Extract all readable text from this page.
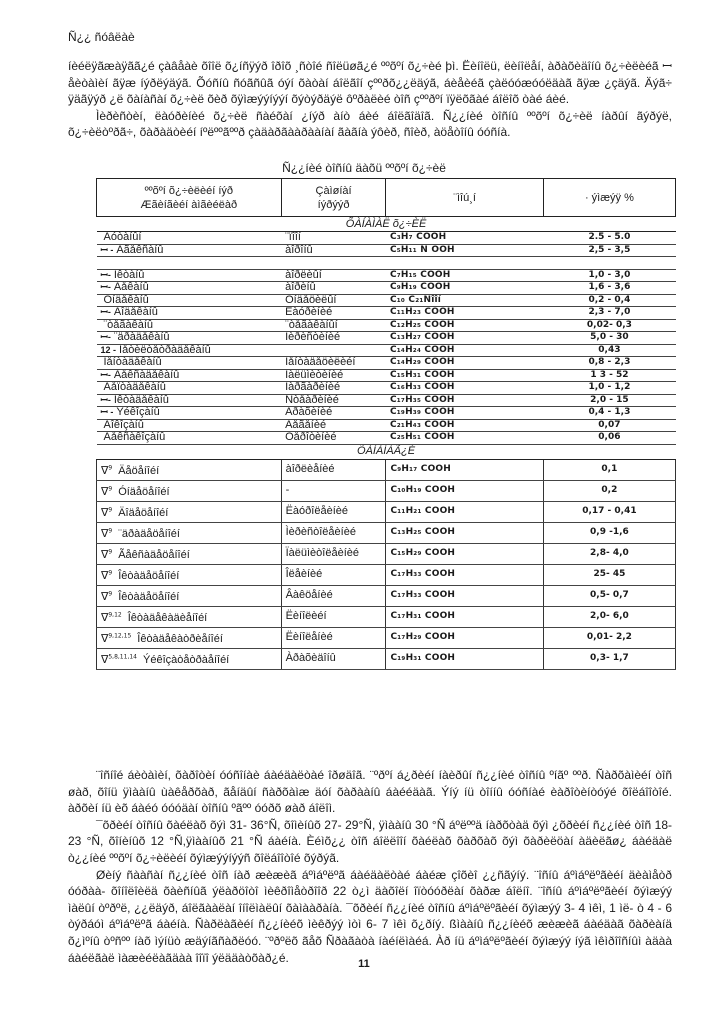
Ñ¿¿ ñóâëàè

íèéëÿãæàÿãã¿é çàâåàè õîîë õ¿íñÿýð îðîõ ¸ñòîé ñîëüøã¿é ººõºí õ¿÷èé þì. Ëèíîëü, ëèíîëåí, àðàõèäîíû õ¿÷èëèéã ꟷ åèòàìèí ãÿæ íýðëýäýã. Õóñíû ñóãñûã óýí õàòàí áîëãîí çººðõ¿¿ëäýã, áèåèéã çàëóóæóóëäàã ãÿæ ¿çäýã. Äýã÷ ÿäãÿýð ¿ë õàíàñàí õ¿÷èë õèð õÿìæýýíýýí õýòýðäýë ôºðàëèé òîñ çººðºí ïÿëõãàé áîëîõ òàé áèé.
Ìèðèñòèí, ëàóðèíèé õ¿÷èë ñàéõàí ¿íýð àíò áèé áîëãîäîã. Ñ¿¿íèé òîñíû ººõºí õ¿÷èë íàðûí ãýðýë, õ¿÷èëòºðã÷, õàðàäòèéí íºëººãººð çàäàðãààðààíàí ãàãíà ýôèð, ñîèð, àöåòîíû óóñíà.

Ñ¿¿íèé òîñíû äàõü ººõºí õ¿÷èë
ººõºí õ¿÷èëèéí íýð
Æãèíãèéí àìãèéëàð	Çàìøíàí
íýðýýð	¨ìîú¸í	· ýìæýÿ %
ÕÀÍÀÌÀË õ¿÷ÈË			
Áóòàíûí	¨ïîîí	C₃H₇ COOH	2.5 - 5.0
ꟷ - Äãåêñàíû	àîðîíû	C₅H₁₁ Ñ OOH	2,5 - 3,5

ꟷ- Îêòàíû	àîðëèûí	C₇H₁₅ COOH	1,0 - 3,0
ꟷ- Äåêàíû	àîðèíû	C₉H₁₉ COOH	1,6 - 3,6
Óíäåêàíû	Óíäåöèëûí	C₁₀ C₂₁Ñîîí	0,2 - 0,4
ꟷ- Äîäåêàíû	Ëàóðèíèé	C₁₁H₂₃ COOH	2,3 - 7,0
¨òåãàêàíû	¨òåãàêàíûí	C₁₂H₂₅ COOH	0,02- 0,3
ꟷ- ¨äðàäåêàíû	Ìèðèñòèíèé	C₁₃H₂₇ COOH	5,0 - 30
12 - Ìåòèëòåòðàäåêàíû		C₁₄H₂₄ COOH	0,43
Ïåíòàäåêàíû	Ïåíòàäåöèëèéí	C₁₄H₂₉ COOH	0,8 - 2,3
ꟷ- Ãåêñàäåêàíû	Ïàëüìèòèíèé	C₁₅H₃₁ COOH	1 3 - 52
Ãåïòàäåêàíû	Ìàðãàðèíèé	C₁₆H₃₃ COOH	1,0 - 1,2
ꟷ- Îêòàäåêàíû	Ñòåàðèíèé	C₁₇H₃₅ COOH	2,0 - 15
ꟷ - Ýéêîçàíû	Àðàõèíèé	C₁₉H₃₉ COOH	0,4 - 1,3
Äîêîçàíû	Áåãåíèé	C₂₁H₄₃ COOH	0,07
Ãåêñàêîçàíû	Öåðîòèíèé	C₂₅H₅₁ COOH	0,06
ÕÀÍÀÌÀÃ¿É			
∇$^9$ Äåöåíîéí	àîðëèåíèé	C₉H₁₇ COOH	0,1
∇$^9$ Óíäåöåíîéí	-	C₁₀H₁₉ COOH	0,2
∇$^9$ Äîäåöåíîéí	Ëàóðîëåèíèé	C₁₁H₂₁ COOH	0,17 - 0,41
∇$^9$ ¨äðàäåöåíîéí	Ìèðèñòîëåèíèé	C₁₃H₂₅ COOH	0,9 -1,6
∇$^9$ Ãåêñàäåöåíîéí	Ïàëüìèòîëåèíèé	C₁₅H₂₉ COOH	2,8- 4,0
∇$^9$ Îêòàäåöåíîéí	Îëåèíèé	C₁₇H₃₃ COOH	25- 45
∇$^9$ Îêòàäåöåíîéí	Âàêöåíèé	C₁₇H₃₃ COOH	0,5- 0,7
∇$^{9,12}$ Îêòàäåêàäèåíîéí	Ëèíîëèéí	C₁₇H₃₁ COOH	2,0- 6,0
∇$^{9,12,15}$ Îêòàäåêàòðèåíîéí	Ëèíîëåíèé	C₁₇H₂₉ COOH	0,01- 2,2
∇$^{5,8,11,14}$ Ýéêîçàòåòðàåíîéí	Àðàõèäîíû	C₁₉H₃₁ COOH	0,3- 1,7

¨îñíîé áèòàìèí, õàðîòèí óóñîíàè áàéäàëòàé îðøäîã. ¨ºðºí á¿ðèéí íàèðûí ñ¿¿íèé òîñíû ºíãº ººð. Ñàðõàìèéí òîñ øàð, õîíü ÿìààíû ùàêåðõàð, ãåíäûí ñàðõàìæ äóí õàðààíû áàééäàã. Ýíý íü òîííû óóñíàé èàðîòèíòóýé õîëáîîòîé. àðõèí íü èõ áàéó óóóäàí òîñíû ºãºº óóðõ øàð áîëîì.
¯õðèéí òîñíû õàéëàõ õýì 31- 36°Ñ, õîìèíûõ 27- 29°Ñ, ÿìààíû 30 °Ñ áºëººä íàðõòàä õýì ¿õðèéí ñ¿¿íèé òîñ 18- 23 °Ñ, õîíèíûõ 12 °Ñ,ÿìààíûõ 21 °Ñ áàéíà. Èéìõ¿¿ òîñ áîëëîîí õàéëàõ õàðõàõ õýì õàðèëöàí àäèëãø¿ áàéäàë ò¿¿íèé ººõºí õ¿÷èëèéí õýìæýýíýýñ õîëáîîòîé õýðýã.
Øèíý ñààñàí ñ¿¿íèé òîñ íàð æèæèã áºìáºëºã áàéäàëòàé áàéæ çîõèî ¿¿ñãýíý. ¨îñíû áºìáºëºãèéí äèàìåòð óóðàà- õîíîëîèëä õàèñíûã ýëàðöîòî ìèêðîìåòðîîð 22 ò¿ì äàõîëí îïòóóðëàí õàðæ áîëíî. ¨îñíû áºìáºëºãèéí õýìæýý ìàëûí òºðºë, ¿¿ëäýð, áîëãààëàí îíîëìàëûí õàìààðàíà. ¯õðèéí ñ¿¿íèé òîñíû áºìáºëºãèéí õýìæýý 3- 4 ìêì, 1 ìë- ò 4 - 6 òýðáóì áºìáºëºã áàéíà. Ñàðëàãèéí ñ¿¿íèéõ ìèêðýý ìòì 6- 7 ìêì õ¿ðíý. ßìààíû ñ¿¿íèéõ æèæèã áàéäàã õàðèàíä õ¿ìºíû òºñºº íàõ ìýíüò æäýíãñàðëóó. ¨ºðºëõ ãåõ Ñðàãàòà íàéíëìàéá. Àð íü áºìáºëºãèéí õýìæýý íýã ìêìðîîñíûì àäàà áàéëãàë ìàæèéëàãäàà îîïî ýëääàòõàð¿é.	11
